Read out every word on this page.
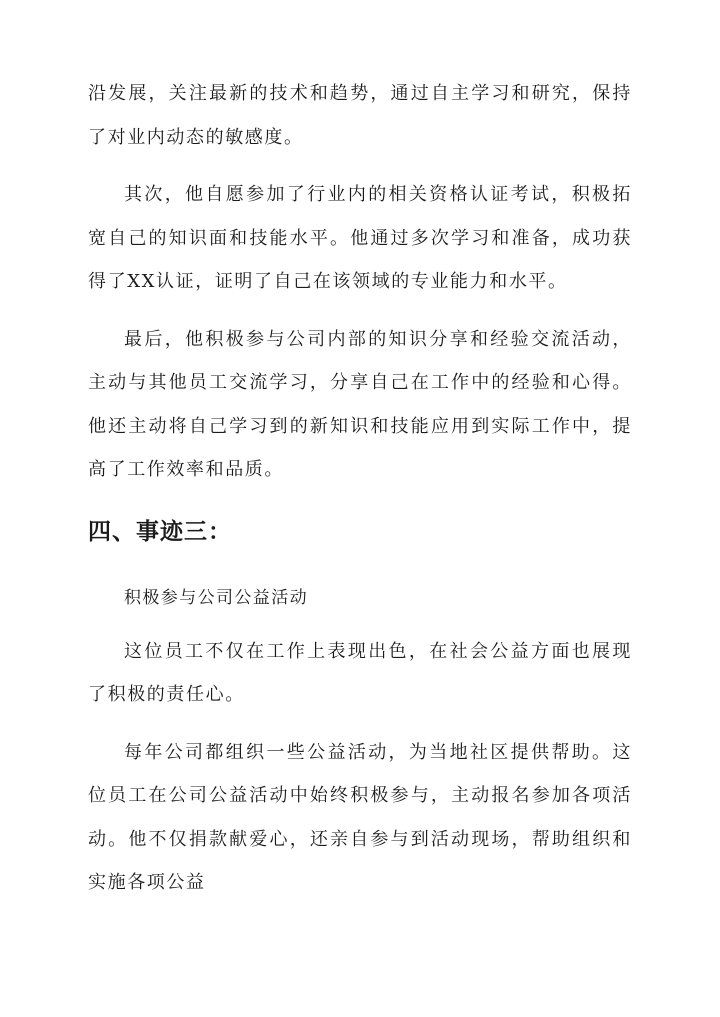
沿发展，关注最新的技术和趋势，通过自主学习和研究，保持了对业内动态的敏感度。

其次，他自愿参加了行业内的相关资格认证考试，积极拓宽自己的知识面和技能水平。他通过多次学习和准备，成功获得了XX认证，证明了自己在该领域的专业能力和水平。

最后，他积极参与公司内部的知识分享和经验交流活动，主动与其他员工交流学习，分享自己在工作中的经验和心得。他还主动将自己学习到的新知识和技能应用到实际工作中，提高了工作效率和品质。

四、事迹三：

积极参与公司公益活动

这位员工不仅在工作上表现出色，在社会公益方面也展现了积极的责任心。

每年公司都组织一些公益活动，为当地社区提供帮助。这位员工在公司公益活动中始终积极参与，主动报名参加各项活动。他不仅捐款献爱心，还亲自参与到活动现场，帮助组织和实施各项公益
